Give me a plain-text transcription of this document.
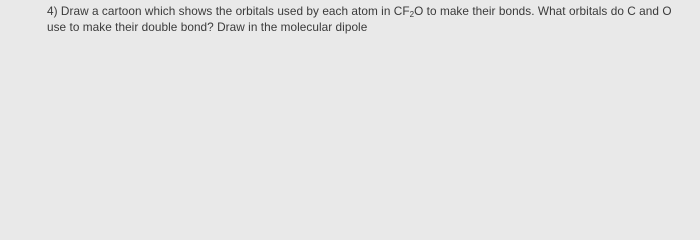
4) Draw a cartoon which shows the orbitals used by each atom in $CF_2O$ to make their bonds. What orbitals do C and O

use to make their double bond? Draw in the molecular dipole
